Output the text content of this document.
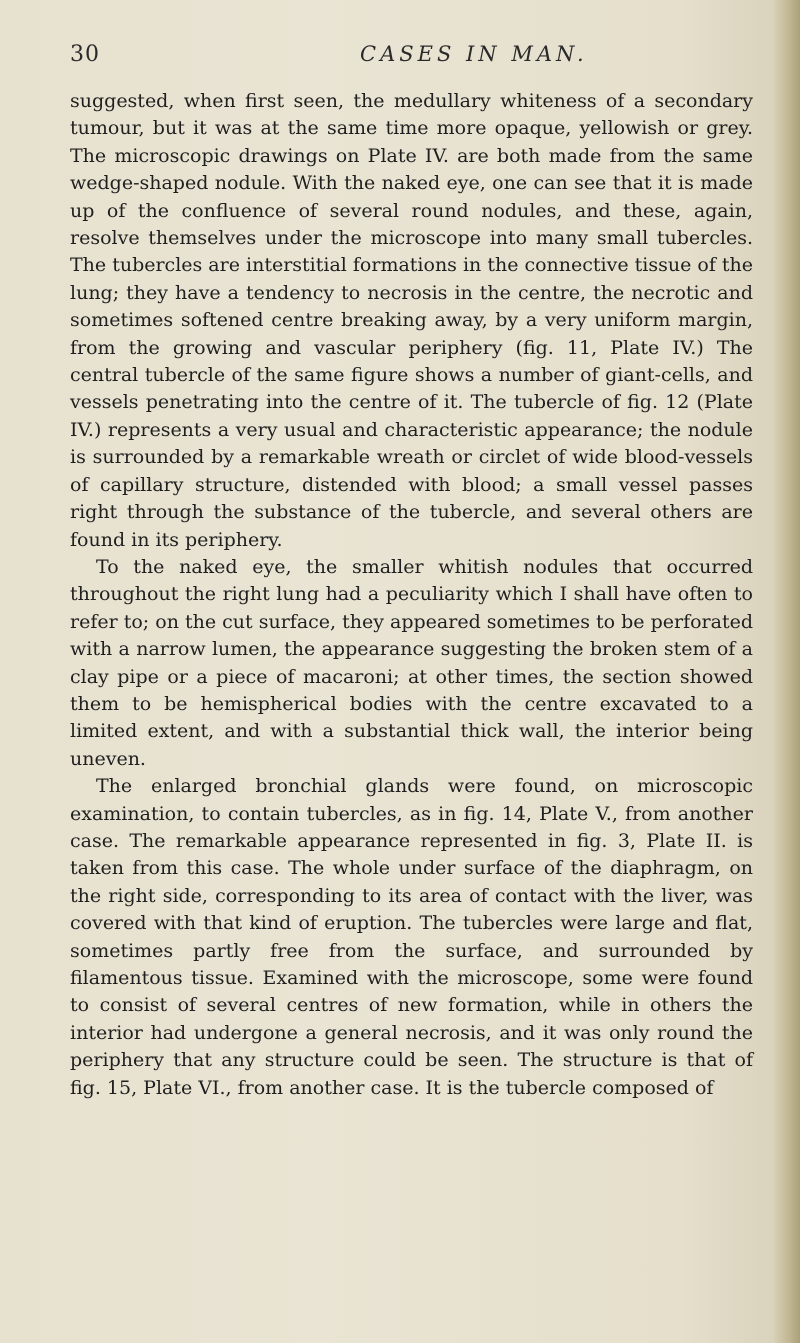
30	CASES IN MAN.

suggested, when first seen, the medullary whiteness of a secondary tumour, but it was at the same time more opaque, yellowish or grey. The microscopic drawings on Plate IV. are both made from the same wedge-shaped nodule. With the naked eye, one can see that it is made up of the confluence of several round nodules, and these, again, resolve themselves under the microscope into many small tubercles. The tubercles are interstitial formations in the connective tissue of the lung; they have a tendency to necrosis in the centre, the necrotic and sometimes softened centre breaking away, by a very uniform margin, from the growing and vascular periphery (fig. 11, Plate IV.) The central tubercle of the same figure shows a number of giant-cells, and vessels penetrating into the centre of it. The tubercle of fig. 12 (Plate IV.) represents a very usual and characteristic appearance; the nodule is surrounded by a remarkable wreath or circlet of wide blood-vessels of capillary structure, distended with blood; a small vessel passes right through the substance of the tubercle, and several others are found in its periphery.

To the naked eye, the smaller whitish nodules that occurred throughout the right lung had a peculiarity which I shall have often to refer to; on the cut surface, they appeared sometimes to be perforated with a narrow lumen, the appearance suggesting the broken stem of a clay pipe or a piece of macaroni; at other times, the section showed them to be hemispherical bodies with the centre excavated to a limited extent, and with a substantial thick wall, the interior being uneven.

The enlarged bronchial glands were found, on microscopic examination, to contain tubercles, as in fig. 14, Plate V., from another case. The remarkable appearance represented in fig. 3, Plate II. is taken from this case. The whole under surface of the diaphragm, on the right side, corresponding to its area of contact with the liver, was covered with that kind of eruption. The tubercles were large and flat, sometimes partly free from the surface, and surrounded by filamentous tissue. Examined with the microscope, some were found to consist of several centres of new formation, while in others the interior had undergone a general necrosis, and it was only round the periphery that any structure could be seen. The structure is that of fig. 15, Plate VI., from another case. It is the tubercle composed of
